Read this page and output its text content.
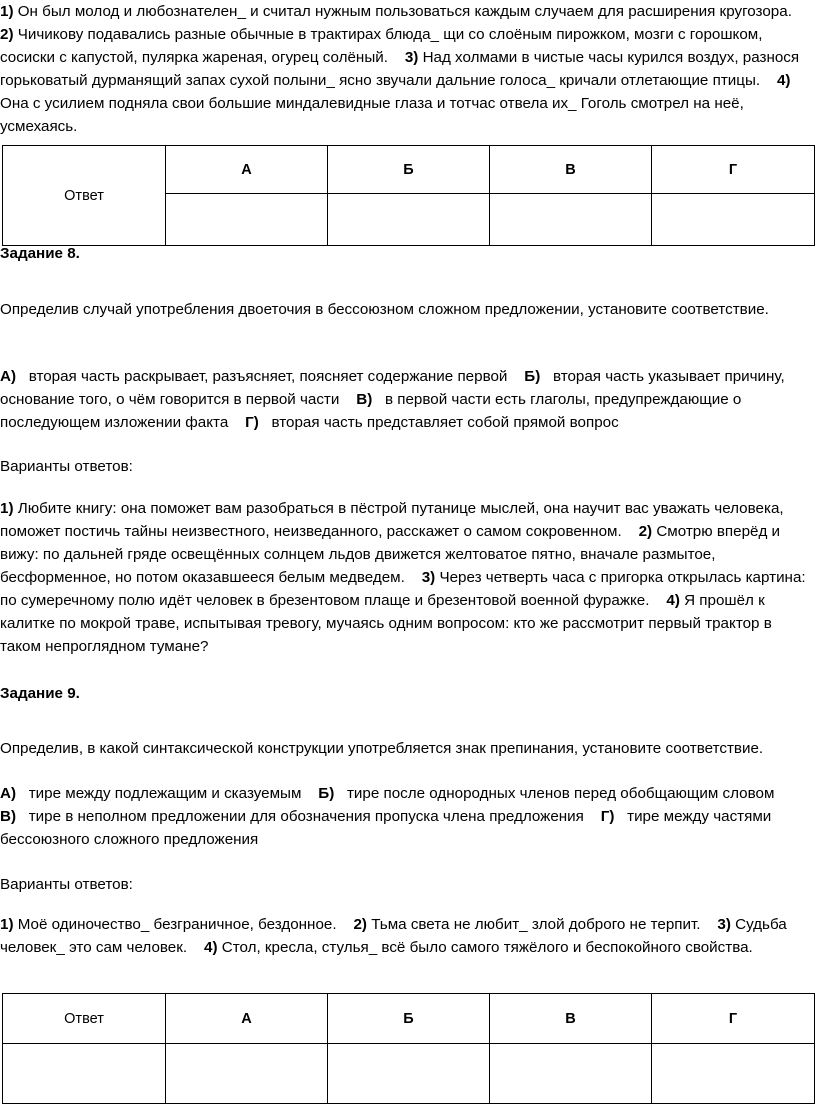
1) Он был молод и любознателен_ и считал нужным пользоваться каждым случаем для расширения кругозора.    2) Чичикову подавались разные обычные в трактирах блюда_ щи со слоёным пирожком, мозги с горошком, сосиски с капустой, пулярка жареная, огурец солёный. 3) Над холмами в чистые часы курился воздух, разнося горьковатый дурманящий запах сухой полыни_ ясно звучали дальние голоса_ кричали отлетающие птицы. 4) Она с усилием подняла свои большие миндалевидные глаза и тотчас отвела их_ Гоголь смотрел на неё, усмехаясь.

Ответ	А	Б	В	Г

Задание 8.

Определив случай употребления двоеточия в бессоюзном сложном предложении, установите соответствие.

А) вторая часть раскрывает, разъясняет, поясняет содержание первой Б) вторая часть указывает причину, основание того, о чём говорится в первой части В) в первой части есть глаголы, предупреждающие о последующем изложении факта Г) вторая часть представляет собой прямой вопрос

Варианты ответов:

1) Любите книгу: она поможет вам разобраться в пёстрой путанице мыслей, она научит вас уважать человека, поможет постичь тайны неизвестного, неизведанного, расскажет о самом сокровенном. 2) Смотрю вперёд и вижу: по дальней гряде освещённых солнцем льдов движется желтоватое пятно, вначале размытое, бесформенное, но потом оказавшееся белым медведем. 3) Через четверть часа с пригорка открылась картина: по сумеречному полю идёт человек в брезентовом плаще и брезентовой военной фуражке. 4) Я прошёл к калитке по мокрой траве, испытывая тревогу, мучаясь одним вопросом: кто же рассмотрит первый трактор в таком непроглядном тумане?

Задание 9.

Определив, в какой синтаксической конструкции употребляется знак препинания, установите соответствие.

А) тире между подлежащим и сказуемым Б) тире после однородных членов перед обобщающим словом    В) тире в неполном предложении для обозначения пропуска члена предложения Г) тире между частями бессоюзного сложного предложения

Варианты ответов:

1) Моё одиночество_ безграничное, бездонное. 2) Тьма света не любит_ злой доброго не терпит. 3) Судьба человек_ это сам человек. 4) Стол, кресла, стулья_ всё было самого тяжёлого и беспокойного свойства.

Ответ	А	Б	В	Г
